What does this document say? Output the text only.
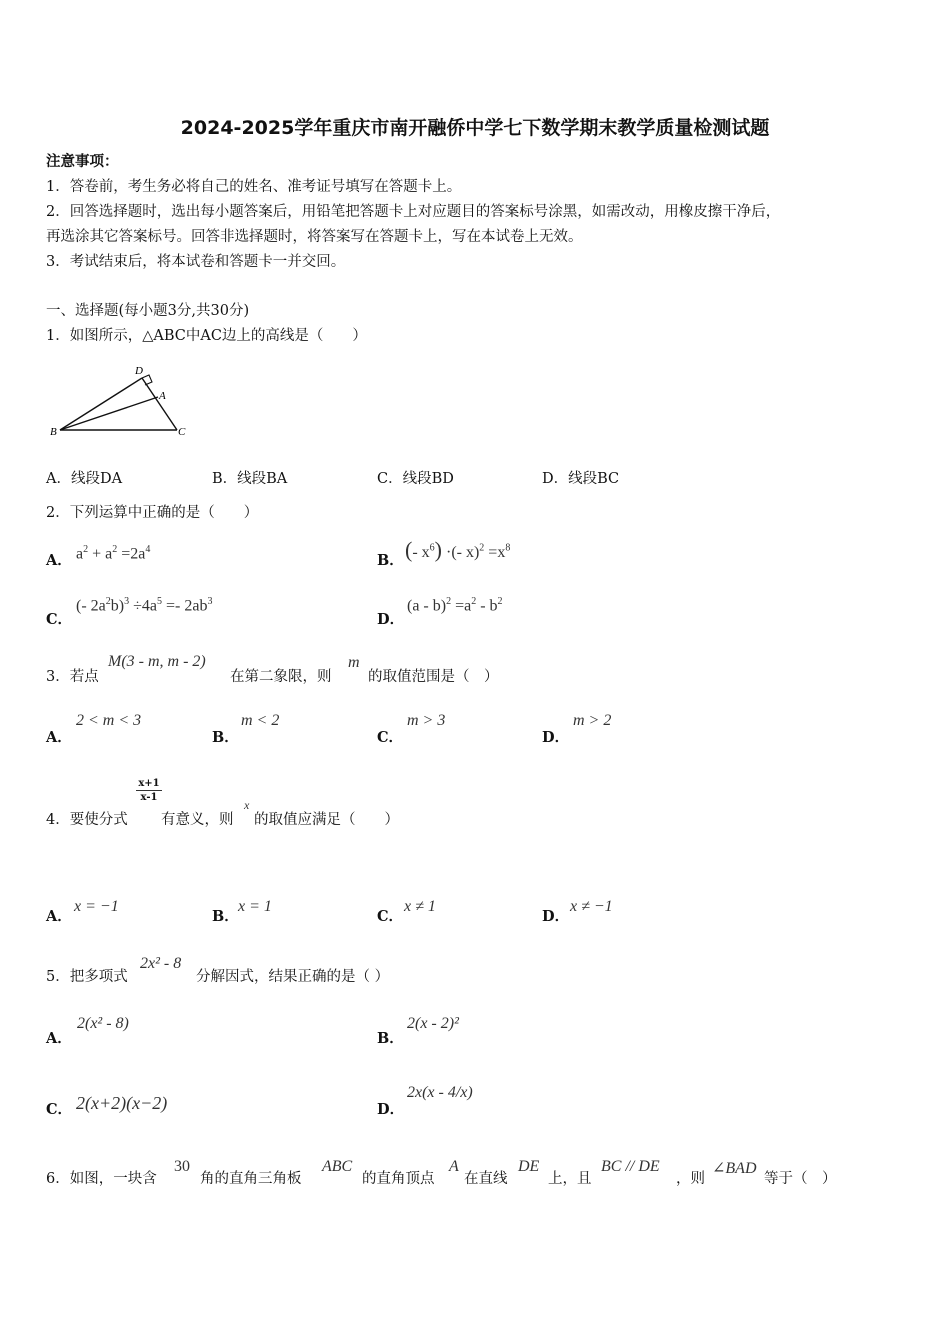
2024-2025学年重庆市南开融侨中学七下数学期末教学质量检测试题
注意事项：
1．答卷前，考生务必将自己的姓名、准考证号填写在答题卡上。
2．回答选择题时，选出每小题答案后，用铅笔把答题卡上对应题目的答案标号涂黑，如需改动，用橡皮擦干净后，
再选涂其它答案标号。回答非选择题时，将答案写在答题卡上，写在本试卷上无效。
3．考试结束后，将本试卷和答题卡一并交回。
一、选择题(每小题3分,共30分)
1．如图所示，△ABC中AC边上的高线是（　　）
D
A
B	C
A．线段DA	B．线段BA	C．线段BD	D．线段BC
2．下列运算中正确的是（　　）
A． $a^2 + a^2 =2a^4$
B． (- $x^6$) ·(- $x)^2 =x^8$
C．
(- $2a^2b)^3 \div 4a^5 =- 2ab^3$
D．
$(a - b)^2 =a^2 - b^2$
3．若点
M(3 - m, m - 2)
在第二象限，则
m
的取值范围是（　）
A．
2 < m < 3
B．
m < 2
C．
m > 3
D．
m > 2
4．要使分式
x+1
x-1
有意义，则
x
的取值应满足（　　）
A．
x = −1
B．
x = 1
C．
x ≠ 1
D．
x ≠ −1
5．把多项式
2x² - 8
分解因式，结果正确的是（ ）
A．
2(x² - 8)
B．
2(x - 2)²
C． 2(x+2)(x−2)	D．
2x(x - 4/x)
6．如图，一块含
30
角的直角三角板
ABC
的直角顶点
A
在直线
DE
上，且
BC // DE
，则
∠BAD
等于（　）
